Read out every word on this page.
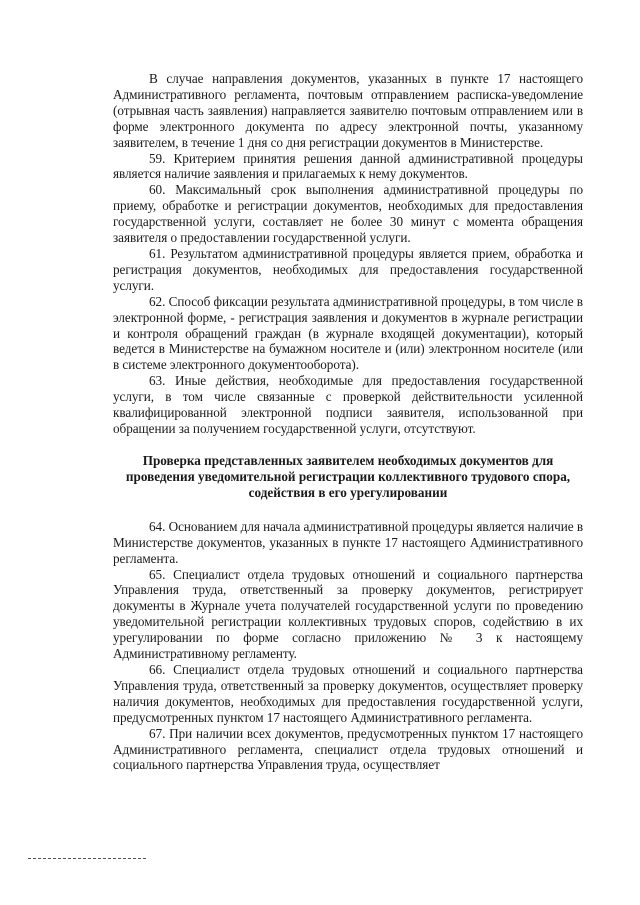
В случае направления документов, указанных в пункте 17 настоящего Административного регламента, почтовым отправлением расписка-уведомление (отрывная часть заявления) направляется заявителю почтовым отправлением или в форме электронного документа по адресу электронной почты, указанному заявителем, в течение 1 дня со дня регистрации документов в Министерстве.

59. Критерием принятия решения данной административной процедуры является наличие заявления и прилагаемых к нему документов.

60. Максимальный срок выполнения административной процедуры по приему, обработке и регистрации документов, необходимых для предоставления государственной услуги, составляет не более 30 минут с момента обращения заявителя о предоставлении государственной услуги.

61. Результатом административной процедуры является прием, обработка и регистрация документов, необходимых для предоставления государственной услуги.

62. Способ фиксации результата административной процедуры, в том числе в электронной форме, - регистрация заявления и документов в журнале регистрации и контроля обращений граждан (в журнале входящей документации), который ведется в Министерстве на бумажном носителе и (или) электронном носителе (или в системе электронного документооборота).

63. Иные действия, необходимые для предоставления государственной услуги, в том числе связанные с проверкой действительности усиленной квалифицированной электронной подписи заявителя, использованной при обращении за получением государственной услуги, отсутствуют.

Проверка представленных заявителем необходимых документов для проведения уведомительной регистрации коллективного трудового спора, содействия в его урегулировании

64. Основанием для начала административной процедуры является наличие в Министерстве документов, указанных в пункте 17 настоящего Административного регламента.

65. Специалист отдела трудовых отношений и социального партнерства Управления труда, ответственный за проверку документов, регистрирует документы в Журнале учета получателей государственной услуги по проведению уведомительной регистрации коллективных трудовых споров, содействию в их урегулировании по форме согласно приложению № 3 к настоящему Административному регламенту.

66. Специалист отдела трудовых отношений и социального партнерства Управления труда, ответственный за проверку документов, осуществляет проверку наличия документов, необходимых для предоставления государственной услуги, предусмотренных пунктом 17 настоящего Административного регламента.

67. При наличии всех документов, предусмотренных пунктом 17 настоящего Административного регламента, специалист отдела трудовых отношений и социального партнерства Управления труда, осуществляет
